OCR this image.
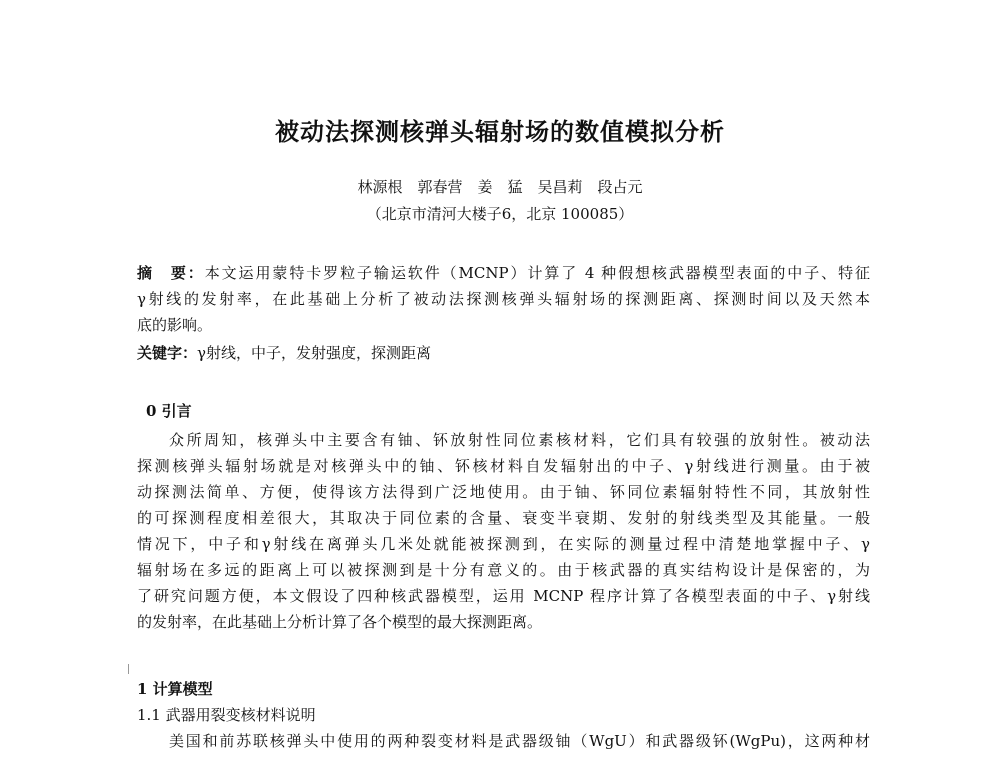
被动法探测核弹头辐射场的数值模拟分析
林源根　郭春营　姜　猛　吴昌莉　段占元
（北京市清河大楼子6，北京 100085）
摘　要：本文运用蒙特卡罗粒子输运软件（MCNP）计算了 4 种假想核武器模型表面的中子、特征
γ射线的发射率，在此基础上分析了被动法探测核弹头辐射场的探测距离、探测时间以及天然本
底的影响。
关键字：γ射线，中子，发射强度，探测距离
0 引言
众所周知，核弹头中主要含有铀、钚放射性同位素核材料，它们具有较强的放射性。被动法
探测核弹头辐射场就是对核弹头中的铀、钚核材料自发辐射出的中子、γ射线进行测量。由于被
动探测法简单、方便，使得该方法得到广泛地使用。由于铀、钚同位素辐射特性不同，其放射性
的可探测程度相差很大，其取决于同位素的含量、衰变半衰期、发射的射线类型及其能量。一般
情况下，中子和γ射线在离弹头几米处就能被探测到，在实际的测量过程中清楚地掌握中子、γ
辐射场在多远的距离上可以被探测到是十分有意义的。由于核武器的真实结构设计是保密的，为
了研究问题方便，本文假设了四种核武器模型，运用 MCNP 程序计算了各模型表面的中子、γ射线
的发射率，在此基础上分析计算了各个模型的最大探测距离。
1 计算模型
1.1 武器用裂变核材料说明
美国和前苏联核弹头中使用的两种裂变材料是武器级铀（WgU）和武器级钚(WgPu)，这两种材
